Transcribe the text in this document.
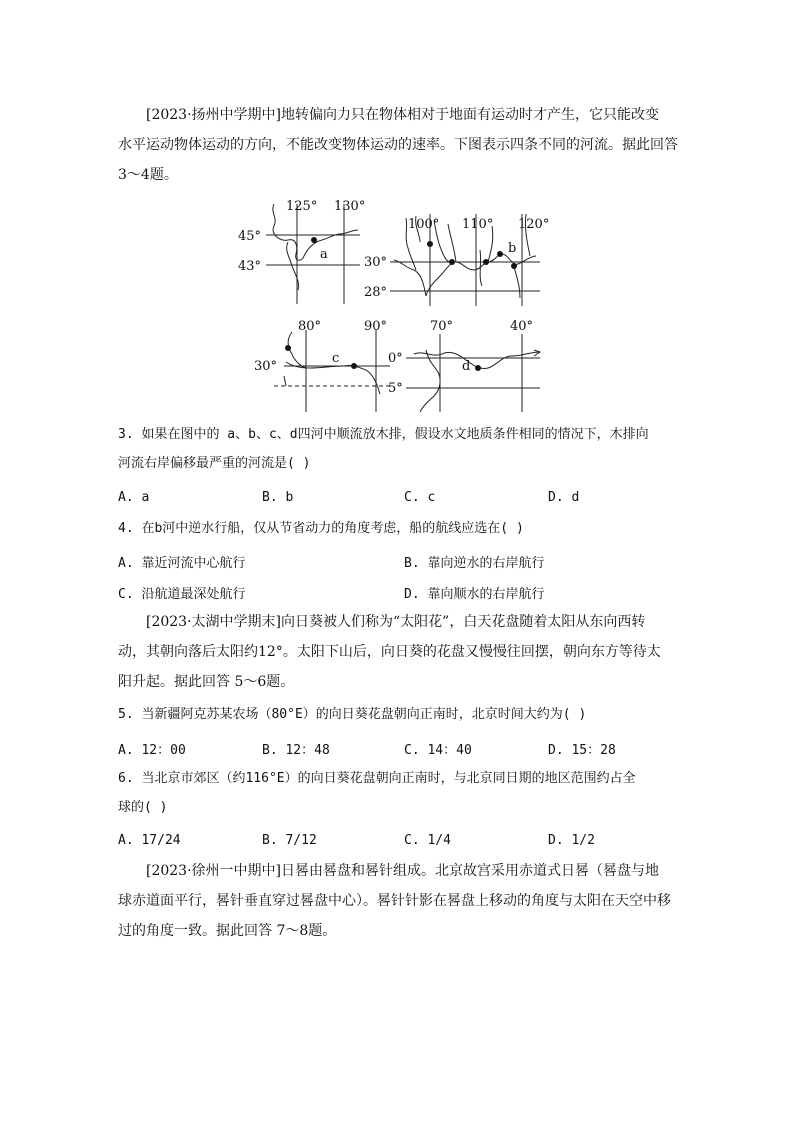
[2023·扬州中学期中]地转偏向力只在物体相对于地面有运动时才产生，它只能改变
水平运动物体运动的方向，不能改变物体运动的速率。下图表示四条不同的河流。据此回答
3～4题。
125° 130°
45°
43°
a
100° 110° 120°
30°
28°
b
80°	90°
30°
c
70°	40°
0°
5°
d
3. 如果在图中的 a、b、c、d四河中顺流放木排，假设水文地质条件相同的情况下，木排向
河流右岸偏移最严重的河流是( )
A. a	B. b	C. c	D. d
4. 在b河中逆水行船，仅从节省动力的角度考虑，船的航线应选在( )
A. 靠近河流中心航行	B. 靠向逆水的右岸航行
C. 沿航道最深处航行	D. 靠向顺水的右岸航行
[2023·太湖中学期末]向日葵被人们称为“太阳花”，白天花盘随着太阳从东向西转
动，其朝向落后太阳约12°。太阳下山后，向日葵的花盘又慢慢往回摆，朝向东方等待太
阳升起。据此回答 5～6题。
5. 当新疆阿克苏某农场（80°E）的向日葵花盘朝向正南时，北京时间大约为( )
A. 12：00	B. 12：48	C. 14：40	D. 15：28
6. 当北京市郊区（约116°E）的向日葵花盘朝向正南时，与北京同日期的地区范围约占全
球的( )
A. 17/24	B. 7/12	C. 1/4	D. 1/2
[2023·徐州一中期中]日晷由晷盘和晷针组成。北京故宫采用赤道式日晷（晷盘与地
球赤道面平行，晷针垂直穿过晷盘中心）。晷针针影在晷盘上移动的角度与太阳在天空中移
过的角度一致。据此回答 7～8题。
